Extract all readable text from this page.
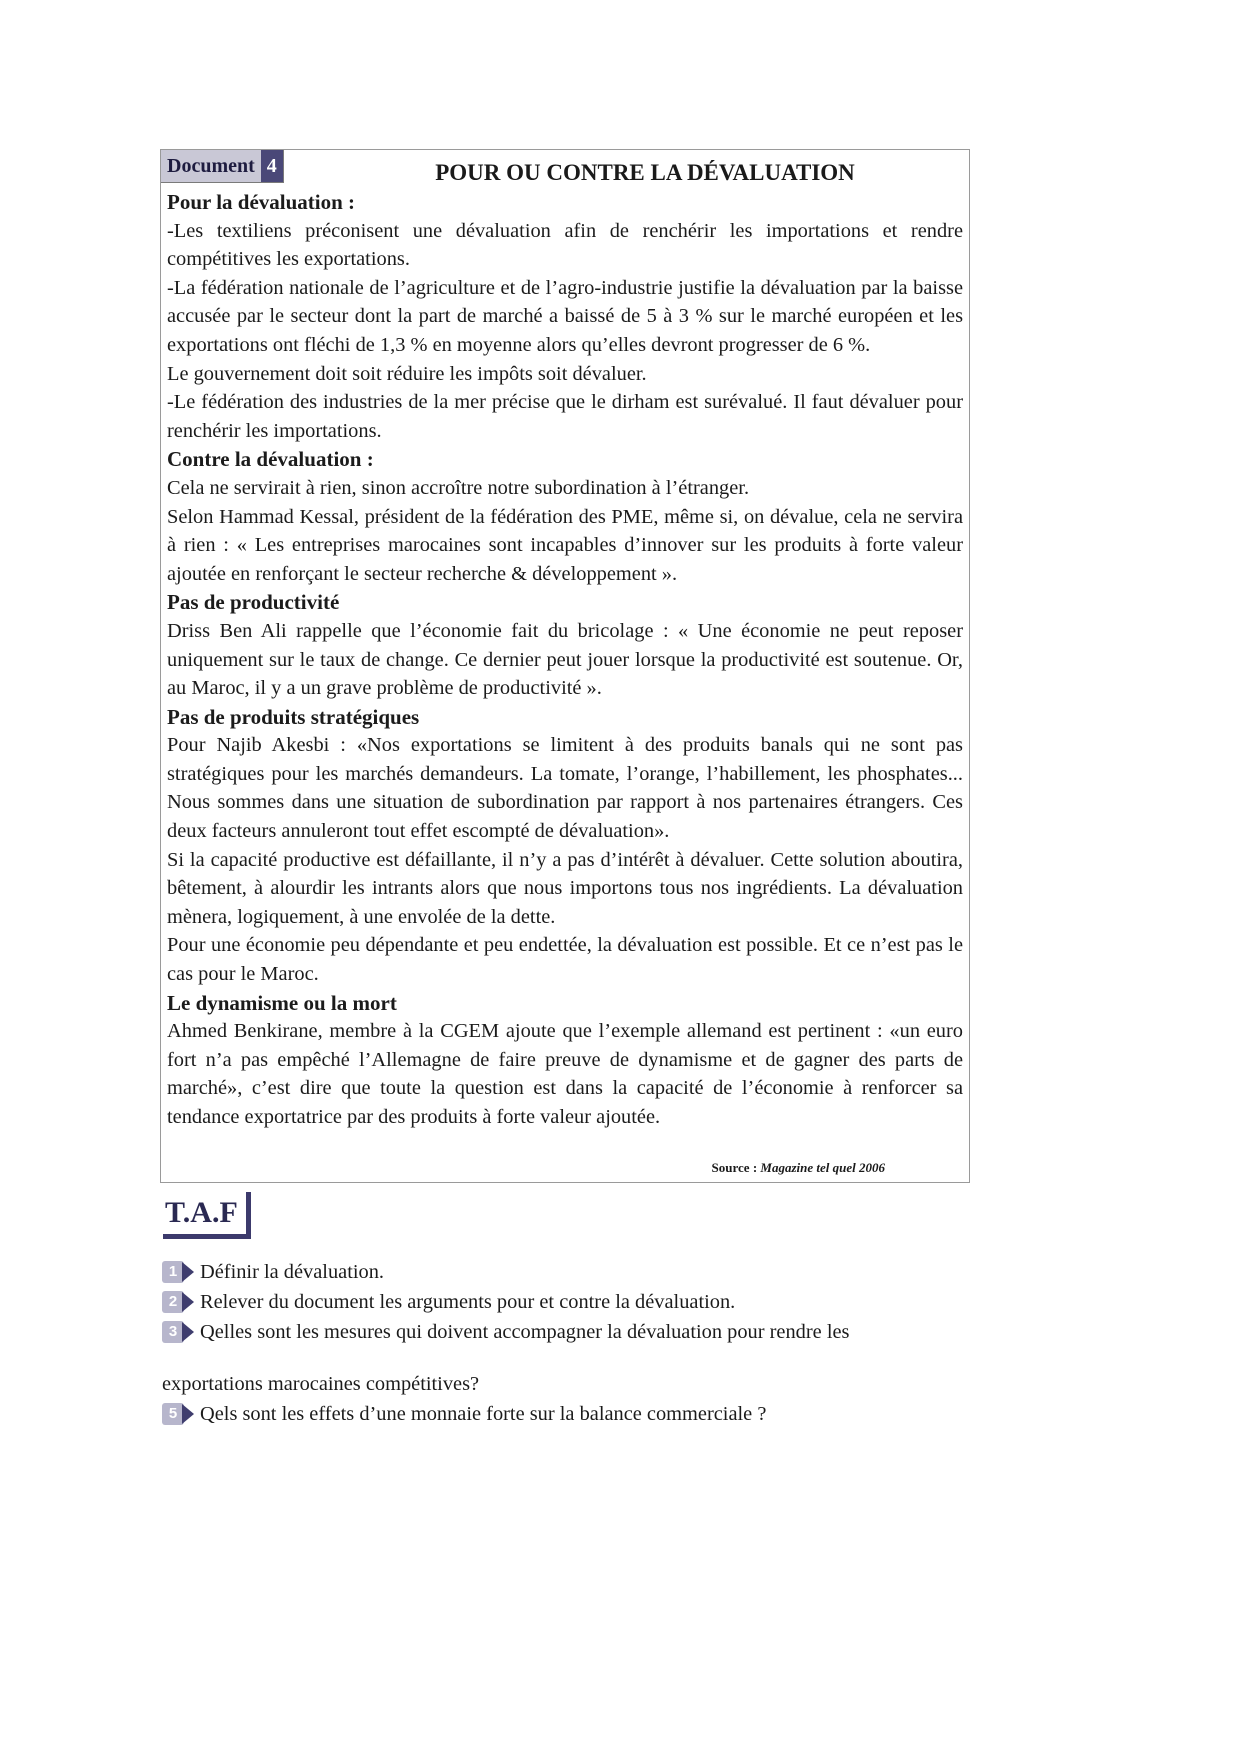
Document 4	POUR OU CONTRE LA DÉVALUATION

Pour la dévaluation :

-Les textiliens préconisent une dévaluation afin de renchérir les importations et rendre compétitives les exportations.

-La fédération nationale de l’agriculture et de l’agro-industrie justifie la dévaluation par la baisse accusée par le secteur dont la part de marché a baissé de 5 à 3 % sur le marché européen et les exportations ont fléchi de 1,3 % en moyenne alors qu’elles devront progresser de 6 %.

Le gouvernement doit soit réduire les impôts soit dévaluer.

-Le fédération des industries de la mer précise que le dirham est surévalué. Il faut dévaluer pour renchérir les importations.

Contre la dévaluation :

Cela ne servirait à rien, sinon accroître notre subordination à l’étranger.

Selon Hammad Kessal, président de la fédération des PME, même si, on dévalue, cela ne servira à rien : « Les entreprises marocaines sont incapables d’innover sur les produits à forte valeur ajoutée en renforçant le secteur recherche & développement ».

Pas de productivité

Driss Ben Ali rappelle que l’économie fait du bricolage : « Une économie ne peut reposer uniquement sur le taux de change. Ce dernier peut jouer lorsque la productivité est soutenue. Or, au Maroc, il y a un grave problème de productivité ».

Pas de produits stratégiques

Pour Najib Akesbi : «Nos exportations se limitent à des produits banals qui ne sont pas stratégiques pour les marchés demandeurs. La tomate, l’orange, l’habillement, les phosphates... Nous sommes dans une situation de subordination par rapport à nos partenaires étrangers. Ces deux facteurs annuleront tout effet escompté de dévaluation».

Si la capacité productive est défaillante, il n’y a pas d’intérêt à dévaluer. Cette solution aboutira, bêtement, à alourdir les intrants alors que nous importons tous nos ingrédients. La dévaluation mènera, logiquement, à une envolée de la dette.

Pour une économie peu dépendante et peu endettée, la dévaluation est possible. Et ce n’est pas le cas pour le Maroc.

Le dynamisme ou la mort

Ahmed Benkirane, membre à la CGEM ajoute que l’exemple allemand est pertinent : «un euro fort n’a pas empêché l’Allemagne de faire preuve de dynamisme et de gagner des parts de marché», c’est dire que toute la question est dans la capacité de l’économie à renforcer sa tendance exportatrice par des produits à forte valeur ajoutée.

Source : Magazine tel quel 2006
T.A.F
1	Définir la dévaluation.
2	Relever du document les arguments pour et contre la dévaluation.
3	Qelles sont les mesures qui doivent accompagner la dévaluation pour rendre les
exportations marocaines compétitives?
5	Qels sont les effets d’une monnaie forte sur la balance commerciale ?
